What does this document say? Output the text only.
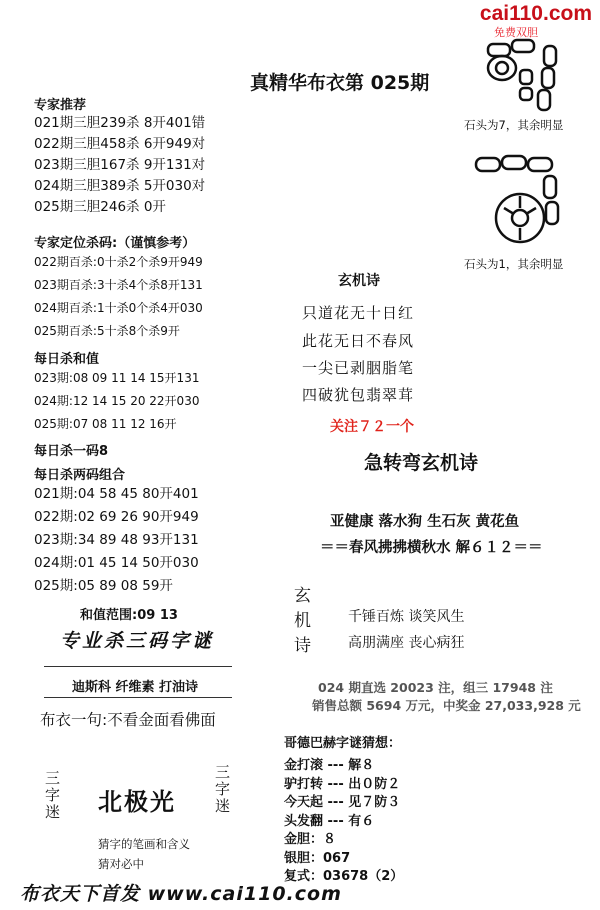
cai110.com
免费双胆
真精华布衣第 025期
专家推荐
021期三胆239杀 8开401错
022期三胆458杀 6开949对
023期三胆167杀 9开131对
024期三胆389杀 5开030对
025期三胆246杀 0开
专家定位杀码:（谨慎参考）
022期百杀:0十杀2个杀9开949
023期百杀:3十杀4个杀8开131
024期百杀:1十杀0个杀4开030
025期百杀:5十杀8个杀9开
每日杀和值
023期:08 09 11 14 15开131
024期:12 14 15 20 22开030
025期:07 08 11 12 16开
每日杀一码8
每日杀两码组合
021期:04 58 45 80开401
022期:02 69 26 90开949
023期:34 89 48 93开131
024期:01 45 14 50开030
025期:05 89 08 59开
和值范围:09 13
专业杀三码字谜
迪斯科 纤维素 打油诗
布衣一句:不看金面看佛面
三字迷 北极光 三字迷
猜字的笔画和含义
猜对必中
石头为7，其余明显
石头为1，其余明显
玄机诗
只道花无十日红
此花无日不春风
一尖已剥胭脂笔
四破犹包翡翠茸
关注７２一个
急转弯玄机诗
亚健康 落水狗 生石灰 黄花鱼
＝＝春风拂拂横秋水 解６１２＝＝
玄机诗	千锤百炼 谈笑风生
高朋满座 丧心病狂
024 期直选 20023 注，组三 17948 注
销售总额 5694 万元，中奖金 27,033,928 元
哥德巴赫字谜猜想：
金打滚 --- 解８
驴打转 --- 出０防２
今天起 --- 见７防３
头发翻 --- 有６
金胆：８
银胆：067
复式：03678（2）
布衣天下首发 www.cai110.com
